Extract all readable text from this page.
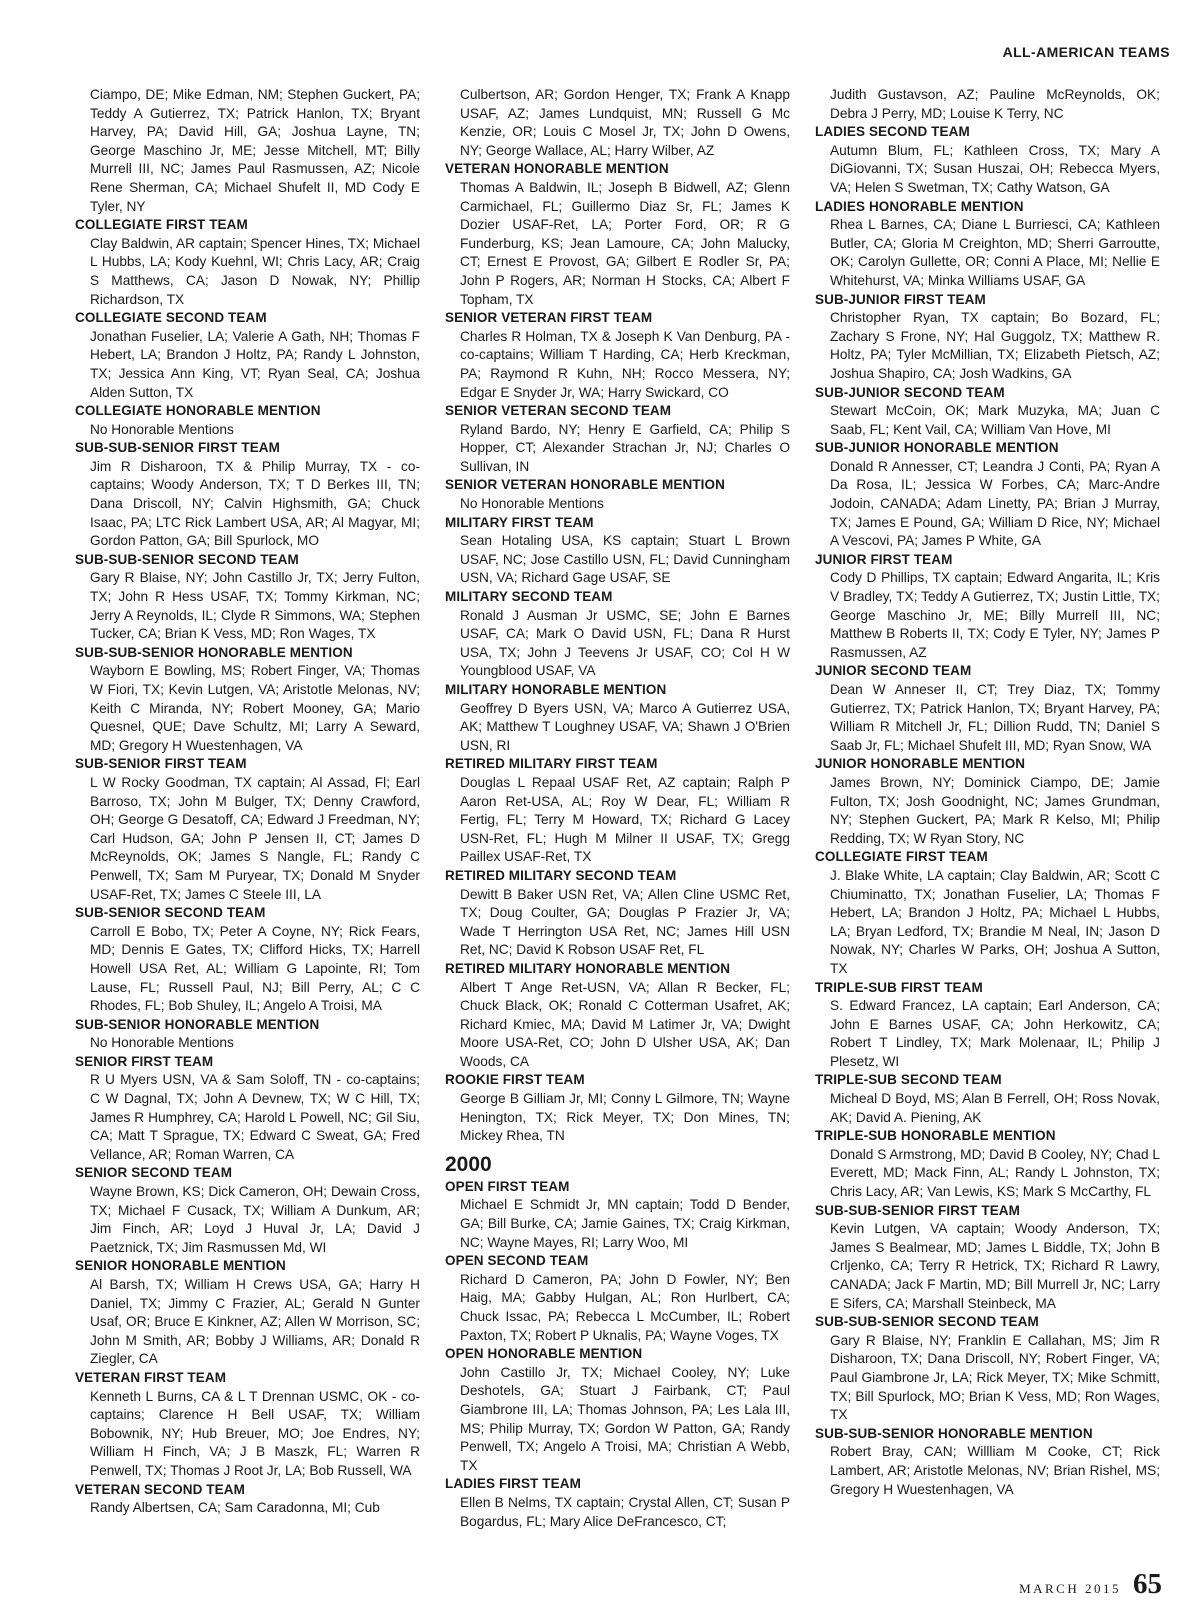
ALL-AMERICAN TEAMS
Ciampo, DE; Mike Edman, NM; Stephen Guckert, PA; Teddy A Gutierrez, TX; Patrick Hanlon, TX; Bryant Harvey, PA; David Hill, GA; Joshua Layne, TN; George Maschino Jr, ME; Jesse Mitchell, MT; Billy Murrell III, NC; James Paul Rasmussen, AZ; Nicole Rene Sherman, CA; Michael Shufelt II, MD Cody E Tyler, NY
COLLEGIATE FIRST TEAM
Clay Baldwin, AR captain; Spencer Hines, TX; Michael L Hubbs, LA; Kody Kuehnl, WI; Chris Lacy, AR; Craig S Matthews, CA; Jason D Nowak, NY; Phillip Richardson, TX
COLLEGIATE SECOND TEAM
Jonathan Fuselier, LA; Valerie A Gath, NH; Thomas F Hebert, LA; Brandon J Holtz, PA; Randy L Johnston, TX; Jessica Ann King, VT; Ryan Seal, CA; Joshua Alden Sutton, TX
COLLEGIATE HONORABLE MENTION
No Honorable Mentions
SUB-SUB-SENIOR FIRST TEAM
Jim R Disharoon, TX & Philip Murray, TX - co-captains; Woody Anderson, TX; T D Berkes III, TN; Dana Driscoll, NY; Calvin Highsmith, GA; Chuck Isaac, PA; LTC Rick Lambert USA, AR; Al Magyar, MI; Gordon Patton, GA; Bill Spurlock, MO
SUB-SUB-SENIOR SECOND TEAM
Gary R Blaise, NY; John Castillo Jr, TX; Jerry Fulton, TX; John R Hess USAF, TX; Tommy Kirkman, NC; Jerry A Reynolds, IL; Clyde R Simmons, WA; Stephen Tucker, CA; Brian K Vess, MD; Ron Wages, TX
SUB-SUB-SENIOR HONORABLE MENTION
Wayborn E Bowling, MS; Robert Finger, VA; Thomas W Fiori, TX; Kevin Lutgen, VA; Aristotle Melonas, NV; Keith C Miranda, NY; Robert Mooney, GA; Mario Quesnel, QUE; Dave Schultz, MI; Larry A Seward, MD; Gregory H Wuestenhagen, VA
SUB-SENIOR FIRST TEAM
L W Rocky Goodman, TX captain; Al Assad, Fl; Earl Barroso, TX; John M Bulger, TX; Denny Crawford, OH; George G Desatoff, CA; Edward J Freedman, NY; Carl Hudson, GA; John P Jensen II, CT; James D McReynolds, OK; James S Nangle, FL; Randy C Penwell, TX; Sam M Puryear, TX; Donald M Snyder USAF-Ret, TX; James C Steele III, LA
SUB-SENIOR SECOND TEAM
Carroll E Bobo, TX; Peter A Coyne, NY; Rick Fears, MD; Dennis E Gates, TX; Clifford Hicks, TX; Harrell Howell USA Ret, AL; William G Lapointe, RI; Tom Lause, FL; Russell Paul, NJ; Bill Perry, AL; C C Rhodes, FL; Bob Shuley, IL; Angelo A Troisi, MA
SUB-SENIOR HONORABLE MENTION
No Honorable Mentions
SENIOR FIRST TEAM
R U Myers USN, VA & Sam Soloff, TN - co-captains; C W Dagnal, TX; John A Devnew, TX; W C Hill, TX; James R Humphrey, CA; Harold L Powell, NC; Gil Siu, CA; Matt T Sprague, TX; Edward C Sweat, GA; Fred Vellance, AR; Roman Warren, CA
SENIOR SECOND TEAM
Wayne Brown, KS; Dick Cameron, OH; Dewain Cross, TX; Michael F Cusack, TX; William A Dunkum, AR; Jim Finch, AR; Loyd J Huval Jr, LA; David J Paetznick, TX; Jim Rasmussen Md, WI
SENIOR HONORABLE MENTION
Al Barsh, TX; William H Crews USA, GA; Harry H Daniel, TX; Jimmy C Frazier, AL; Gerald N Gunter Usaf, OR; Bruce E Kinkner, AZ; Allen W Morrison, SC; John M Smith, AR; Bobby J Williams, AR; Donald R Ziegler, CA
VETERAN FIRST TEAM
Kenneth L Burns, CA & L T Drennan USMC, OK - co-captains; Clarence H Bell USAF, TX; William Bobownik, NY; Hub Breuer, MO; Joe Endres, NY; William H Finch, VA; J B Maszk, FL; Warren R Penwell, TX; Thomas J Root Jr, LA; Bob Russell, WA
VETERAN SECOND TEAM
Randy Albertsen, CA; Sam Caradonna, MI; Cub
Culbertson, AR; Gordon Henger, TX; Frank A Knapp USAF, AZ; James Lundquist, MN; Russell G Mc Kenzie, OR; Louis C Mosel Jr, TX; John D Owens, NY; George Wallace, AL; Harry Wilber, AZ
VETERAN HONORABLE MENTION
Thomas A Baldwin, IL; Joseph B Bidwell, AZ; Glenn Carmichael, FL; Guillermo Diaz Sr, FL; James K Dozier USAF-Ret, LA; Porter Ford, OR; R G Funderburg, KS; Jean Lamoure, CA; John Malucky, CT; Ernest E Provost, GA; Gilbert E Rodler Sr, PA; John P Rogers, AR; Norman H Stocks, CA; Albert F Topham, TX
SENIOR VETERAN FIRST TEAM
Charles R Holman, TX & Joseph K Van Denburg, PA - co-captains; William T Harding, CA; Herb Kreckman, PA; Raymond R Kuhn, NH; Rocco Messera, NY; Edgar E Snyder Jr, WA; Harry Swickard, CO
SENIOR VETERAN SECOND TEAM
Ryland Bardo, NY; Henry E Garfield, CA; Philip S Hopper, CT; Alexander Strachan Jr, NJ; Charles O Sullivan, IN
SENIOR VETERAN HONORABLE MENTION
No Honorable Mentions
MILITARY FIRST TEAM
Sean Hotaling USA, KS captain; Stuart L Brown USAF, NC; Jose Castillo USN, FL; David Cunningham USN, VA; Richard Gage USAF, SE
MILITARY SECOND TEAM
Ronald J Ausman Jr USMC, SE; John E Barnes USAF, CA; Mark O David USN, FL; Dana R Hurst USA, TX; John J Teevens Jr USAF, CO; Col H W Youngblood USAF, VA
MILITARY HONORABLE MENTION
Geoffrey D Byers USN, VA; Marco A Gutierrez USA, AK; Matthew T Loughney USAF, VA; Shawn J O'Brien USN, RI
RETIRED MILITARY FIRST TEAM
Douglas L Repaal USAF Ret, AZ captain; Ralph P Aaron Ret-USA, AL; Roy W Dear, FL; William R Fertig, FL; Terry M Howard, TX; Richard G Lacey USN-Ret, FL; Hugh M Milner II USAF, TX; Gregg Paillex USAF-Ret, TX
RETIRED MILITARY SECOND TEAM
Dewitt B Baker USN Ret, VA; Allen Cline USMC Ret, TX; Doug Coulter, GA; Douglas P Frazier Jr, VA; Wade T Herrington USA Ret, NC; James Hill USN Ret, NC; David K Robson USAF Ret, FL
RETIRED MILITARY HONORABLE MENTION
Albert T Ange Ret-USN, VA; Allan R Becker, FL; Chuck Black, OK; Ronald C Cotterman Usafret, AK; Richard Kmiec, MA; David M Latimer Jr, VA; Dwight Moore USA-Ret, CO; John D Ulsher USA, AK; Dan Woods, CA
ROOKIE FIRST TEAM
George B Gilliam Jr, MI; Conny L Gilmore, TN; Wayne Henington, TX; Rick Meyer, TX; Don Mines, TN; Mickey Rhea, TN
2000
OPEN FIRST TEAM
Michael E Schmidt Jr, MN captain; Todd D Bender, GA; Bill Burke, CA; Jamie Gaines, TX; Craig Kirkman, NC; Wayne Mayes, RI; Larry Woo, MI
OPEN SECOND TEAM
Richard D Cameron, PA; John D Fowler, NY; Ben Haig, MA; Gabby Hulgan, AL; Ron Hurlbert, CA; Chuck Issac, PA; Rebecca L McCumber, IL; Robert Paxton, TX; Robert P Uknalis, PA; Wayne Voges, TX
OPEN HONORABLE MENTION
John Castillo Jr, TX; Michael Cooley, NY; Luke Deshotels, GA; Stuart J Fairbank, CT; Paul Giambrone III, LA; Thomas Johnson, PA; Les Lala III, MS; Philip Murray, TX; Gordon W Patton, GA; Randy Penwell, TX; Angelo A Troisi, MA; Christian A Webb, TX
LADIES FIRST TEAM
Ellen B Nelms, TX captain; Crystal Allen, CT; Susan P Bogardus, FL; Mary Alice DeFrancesco, CT;
Judith Gustavson, AZ; Pauline McReynolds, OK; Debra J Perry, MD; Louise K Terry, NC
LADIES SECOND TEAM
Autumn Blum, FL; Kathleen Cross, TX; Mary A DiGiovanni, TX; Susan Huszai, OH; Rebecca Myers, VA; Helen S Swetman, TX; Cathy Watson, GA
LADIES HONORABLE MENTION
Rhea L Barnes, CA; Diane L Burriesci, CA; Kathleen Butler, CA; Gloria M Creighton, MD; Sherri Garroutte, OK; Carolyn Gullette, OR; Conni A Place, MI; Nellie E Whitehurst, VA; Minka Williams USAF, GA
SUB-JUNIOR FIRST TEAM
Christopher Ryan, TX captain; Bo Bozard, FL; Zachary S Frone, NY; Hal Guggolz, TX; Matthew R. Holtz, PA; Tyler McMillian, TX; Elizabeth Pietsch, AZ; Joshua Shapiro, CA; Josh Wadkins, GA
SUB-JUNIOR SECOND TEAM
Stewart McCoin, OK; Mark Muzyka, MA; Juan C Saab, FL; Kent Vail, CA; William Van Hove, MI
SUB-JUNIOR HONORABLE MENTION
Donald R Annesser, CT; Leandra J Conti, PA; Ryan A Da Rosa, IL; Jessica W Forbes, CA; Marc-Andre Jodoin, CANADA; Adam Linetty, PA; Brian J Murray, TX; James E Pound, GA; William D Rice, NY; Michael A Vescovi, PA; James P White, GA
JUNIOR FIRST TEAM
Cody D Phillips, TX captain; Edward Angarita, IL; Kris V Bradley, TX; Teddy A Gutierrez, TX; Justin Little, TX; George Maschino Jr, ME; Billy Murrell III, NC; Matthew B Roberts II, TX; Cody E Tyler, NY; James P Rasmussen, AZ
JUNIOR SECOND TEAM
Dean W Anneser II, CT; Trey Diaz, TX; Tommy Gutierrez, TX; Patrick Hanlon, TX; Bryant Harvey, PA; William R Mitchell Jr, FL; Dillion Rudd, TN; Daniel S Saab Jr, FL; Michael Shufelt III, MD; Ryan Snow, WA
JUNIOR HONORABLE MENTION
James Brown, NY; Dominick Ciampo, DE; Jamie Fulton, TX; Josh Goodnight, NC; James Grundman, NY; Stephen Guckert, PA; Mark R Kelso, MI; Philip Redding, TX; W Ryan Story, NC
COLLEGIATE FIRST TEAM
J. Blake White, LA captain; Clay Baldwin, AR; Scott C Chiuminatto, TX; Jonathan Fuselier, LA; Thomas F Hebert, LA; Brandon J Holtz, PA; Michael L Hubbs, LA; Bryan Ledford, TX; Brandie M Neal, IN; Jason D Nowak, NY; Charles W Parks, OH; Joshua A Sutton, TX
TRIPLE-SUB FIRST TEAM
S. Edward Francez, LA captain; Earl Anderson, CA; John E Barnes USAF, CA; John Herkowitz, CA; Robert T Lindley, TX; Mark Molenaar, IL; Philip J Plesetz, WI
TRIPLE-SUB SECOND TEAM
Micheal D Boyd, MS; Alan B Ferrell, OH; Ross Novak, AK; David A. Piening, AK
TRIPLE-SUB HONORABLE MENTION
Donald S Armstrong, MD; David B Cooley, NY; Chad L Everett, MD; Mack Finn, AL; Randy L Johnston, TX; Chris Lacy, AR; Van Lewis, KS; Mark S McCarthy, FL
SUB-SUB-SENIOR FIRST TEAM
Kevin Lutgen, VA captain; Woody Anderson, TX; James S Bealmear, MD; James L Biddle, TX; John B Crljenko, CA; Terry R Hetrick, TX; Richard R Lawry, CANADA; Jack F Martin, MD; Bill Murrell Jr, NC; Larry E Sifers, CA; Marshall Steinbeck, MA
SUB-SUB-SENIOR SECOND TEAM
Gary R Blaise, NY; Franklin E Callahan, MS; Jim R Disharoon, TX; Dana Driscoll, NY; Robert Finger, VA; Paul Giambrone Jr, LA; Rick Meyer, TX; Mike Schmitt, TX; Bill Spurlock, MO; Brian K Vess, MD; Ron Wages, TX
SUB-SUB-SENIOR HONORABLE MENTION
Robert Bray, CAN; Willliam M Cooke, CT; Rick Lambert, AR; Aristotle Melonas, NV; Brian Rishel, MS; Gregory H Wuestenhagen, VA
MARCH 2015 65
